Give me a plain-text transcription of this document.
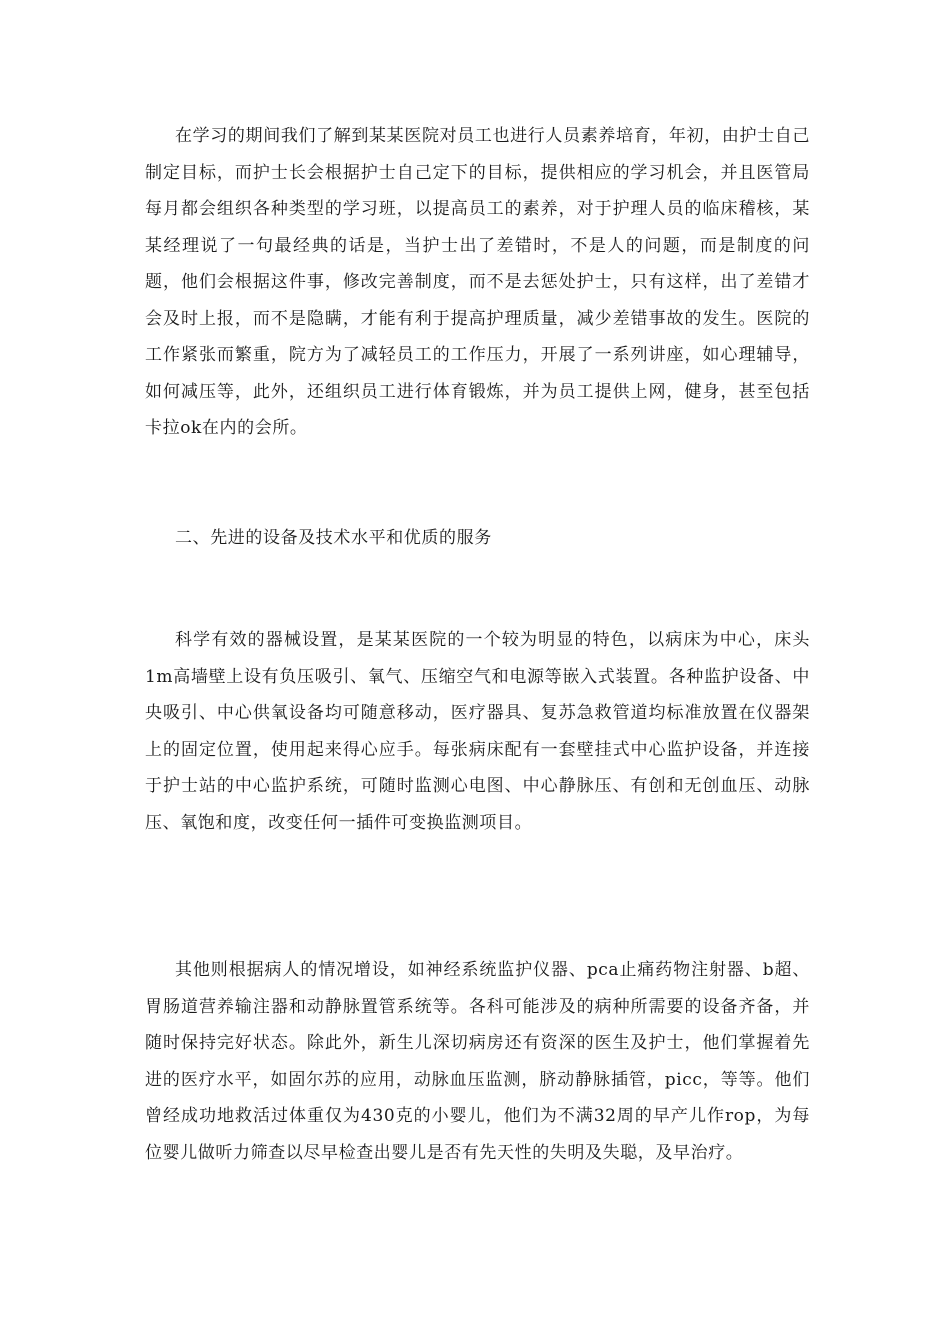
在学习的期间我们了解到某某医院对员工也进行人员素养培育，年初，由护士自己制定目标，而护士长会根据护士自己定下的目标，提供相应的学习机会，并且医管局每月都会组织各种类型的学习班，以提高员工的素养，对于护理人员的临床稽核，某某经理说了一句最经典的话是，当护士出了差错时，不是人的问题，而是制度的问题，他们会根据这件事，修改完善制度，而不是去惩处护士，只有这样，出了差错才会及时上报，而不是隐瞒，才能有利于提高护理质量，减少差错事故的发生。医院的工作紧张而繁重，院方为了减轻员工的工作压力，开展了一系列讲座，如心理辅导，如何减压等，此外，还组织员工进行体育锻炼，并为员工提供上网，健身，甚至包括卡拉ok在内的会所。

二、先进的设备及技术水平和优质的服务

科学有效的器械设置，是某某医院的一个较为明显的特色，以病床为中心，床头1m高墙壁上设有负压吸引、氧气、压缩空气和电源等嵌入式装置。各种监护设备、中央吸引、中心供氧设备均可随意移动，医疗器具、复苏急救管道均标准放置在仪器架上的固定位置，使用起来得心应手。每张病床配有一套壁挂式中心监护设备，并连接于护士站的中心监护系统，可随时监测心电图、中心静脉压、有创和无创血压、动脉压、氧饱和度，改变任何一插件可变换监测项目。

其他则根据病人的情况增设，如神经系统监护仪器、pca止痛药物注射器、b超、胃肠道营养输注器和动静脉置管系统等。各科可能涉及的病种所需要的设备齐备，并随时保持完好状态。除此外，新生儿深切病房还有资深的医生及护士，他们掌握着先进的医疗水平，如固尔苏的应用，动脉血压监测，脐动静脉插管，picc，等等。他们曾经成功地救活过体重仅为430克的小婴儿，他们为不满32周的早产儿作rop，为每位婴儿做听力筛查以尽早检查出婴儿是否有先天性的失明及失聪，及早治疗。
